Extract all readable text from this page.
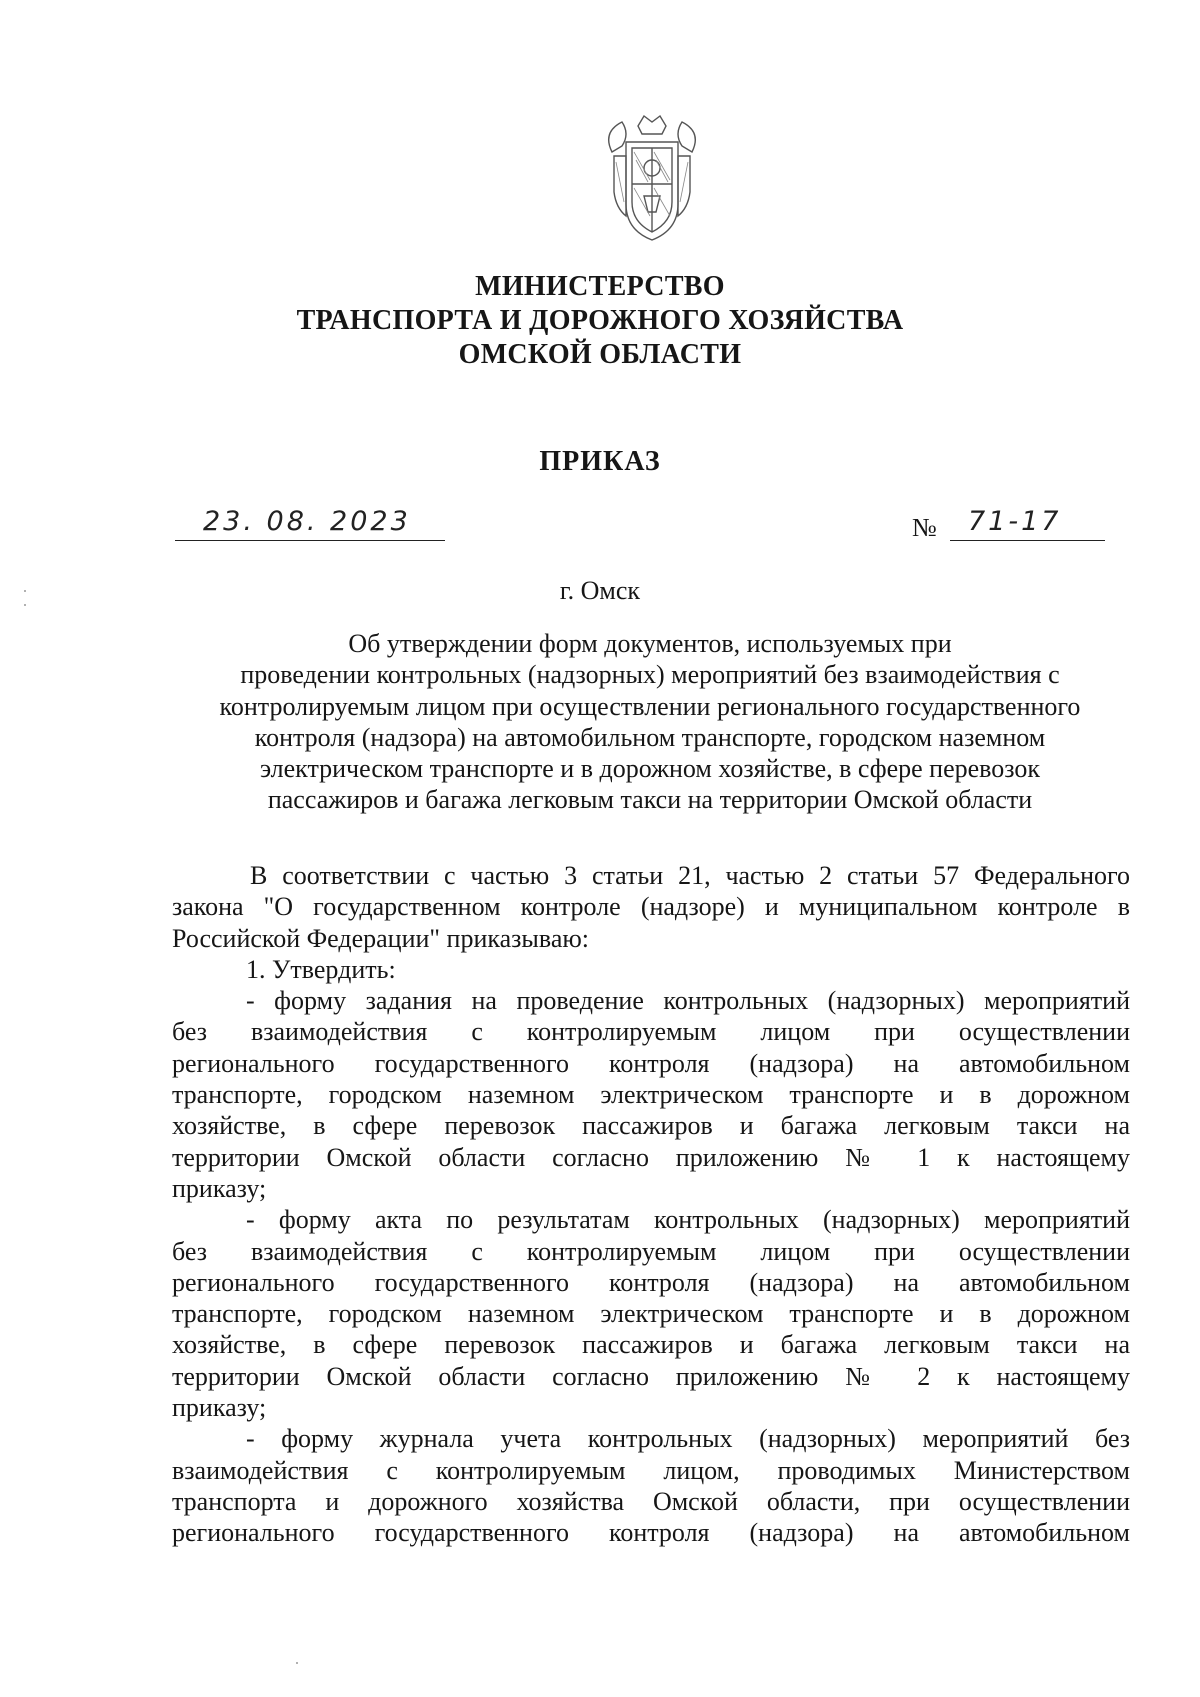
МИНИСТЕРСТВО
ТРАНСПОРТА И ДОРОЖНОГО ХОЗЯЙСТВА
ОМСКОЙ ОБЛАСТИ
ПРИКАЗ
23. 08. 2023	№ 71-17
г. Омск
Об утверждении форм документов, используемых при
проведении контрольных (надзорных) мероприятий без взаимодействия с
контролируемым лицом при осуществлении регионального государственного
контроля (надзора) на автомобильном транспорте, городском наземном
электрическом транспорте и в дорожном хозяйстве, в сфере перевозок
пассажиров и багажа легковым такси на территории Омской области
В соответствии с частью 3 статьи 21, частью 2 статьи 57 Федерального
закона "О государственном контроле (надзоре) и муниципальном контроле в
Российской Федерации" приказываю:
1. Утвердить:
- форму задания на проведение контрольных (надзорных) мероприятий
без взаимодействия с контролируемым лицом при осуществлении
регионального государственного контроля (надзора) на автомобильном
транспорте, городском наземном электрическом транспорте и в дорожном
хозяйстве, в сфере перевозок пассажиров и багажа легковым такси на
территории Омской области согласно приложению № 1 к настоящему
приказу;
- форму акта по результатам контрольных (надзорных) мероприятий
без взаимодействия с контролируемым лицом при осуществлении
регионального государственного контроля (надзора) на автомобильном
транспорте, городском наземном электрическом транспорте и в дорожном
хозяйстве, в сфере перевозок пассажиров и багажа легковым такси на
территории Омской области согласно приложению № 2 к настоящему
приказу;
- форму журнала учета контрольных (надзорных) мероприятий без
взаимодействия с контролируемым лицом, проводимых Министерством
транспорта и дорожного хозяйства Омской области, при осуществлении
регионального государственного контроля (надзора) на автомобильном
